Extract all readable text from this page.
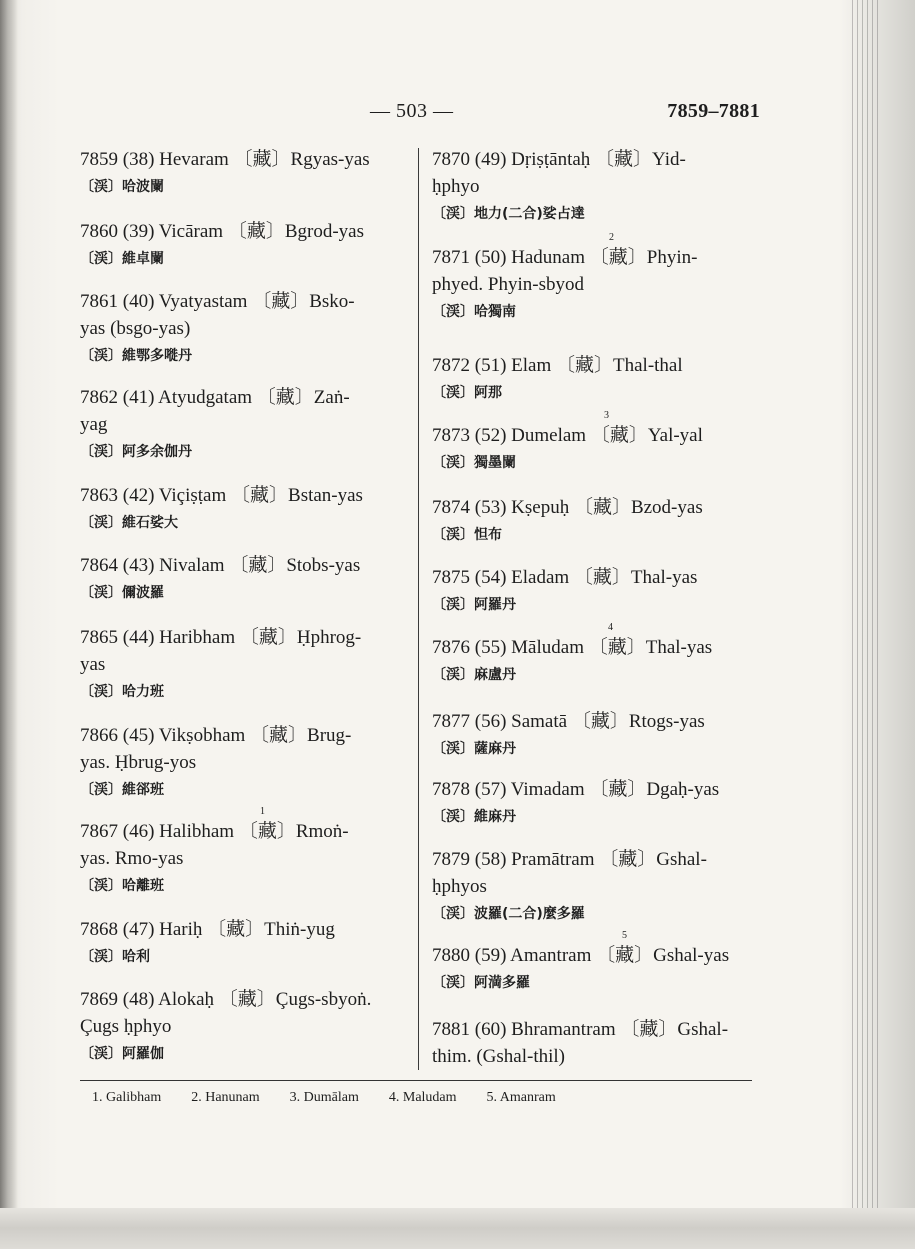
— 503 —	7859–7881
7859 (38) Hevaram 〔藏〕Rgyas-yas
〔渓〕哈波闌
7860 (39) Vicāram 〔藏〕Bgrod-yas
〔渓〕維卓闌
7861 (40) Vyatyastam 〔藏〕Bsko-
yas (bsgo-yas)
〔渓〕維鄂多嘥丹
7862 (41) Atyudgatam 〔藏〕Zaṅ-
yag
〔渓〕阿多余伽丹
7863 (42) Viçiṣṭam 〔藏〕Bstan-yas
〔渓〕維石娑大
7864 (43) Nivalam 〔藏〕Stobs-yas
〔渓〕儞波羅
7865 (44) Haribham 〔藏〕Ḥphrog-
yas
〔渓〕哈力班
7866 (45) Vikṣobham 〔藏〕Brug-
yas. Ḥbrug-yos
〔渓〕維郤班
7867 (46) Halibham 〔藏〕Rmoṅ-
yas. Rmo-yas
1
〔渓〕哈離班
7868 (47) Hariḥ 〔藏〕Thiṅ-yug
〔渓〕哈利
7869 (48) Alokaḥ 〔藏〕Çugs-sbyoṅ.
Çugs ḥphyo
〔渓〕阿羅伽
7870 (49) Dṛiṣṭāntaḥ 〔藏〕Yid-
ḥphyo
〔渓〕地力(二合)娑占達
7871 (50) Hadunam 〔藏〕Phyin-
phyed. Phyin-sbyod
2
〔渓〕哈獨南
7872 (51) Elam 〔藏〕Thal-thal
〔渓〕阿那
7873 (52) Dumelam 〔藏〕Yal-yal
3
〔渓〕獨墨闌
7874 (53) Kṣepuḥ 〔藏〕Bzod-yas
〔渓〕怛布
7875 (54) Eladam 〔藏〕Thal-yas
〔渓〕阿羅丹
7876 (55) Māludam 〔藏〕Thal-yas
4
〔渓〕麻盧丹
7877 (56) Samatā 〔藏〕Rtogs-yas
〔渓〕薩麻丹
7878 (57) Vimadam 〔藏〕Dgaḥ-yas
〔渓〕維麻丹
7879 (58) Pramātram 〔藏〕Gshal-
ḥphyos
〔渓〕波羅(二合)麼多羅
7880 (59) Amantram 〔藏〕Gshal-yas
5
〔渓〕阿満多羅
7881 (60) Bhramantram 〔藏〕Gshal-
thim. (Gshal-thil)
1. Galibham 2. Hanunam 3. Dumālam 4. Maludam 5. Amanram
